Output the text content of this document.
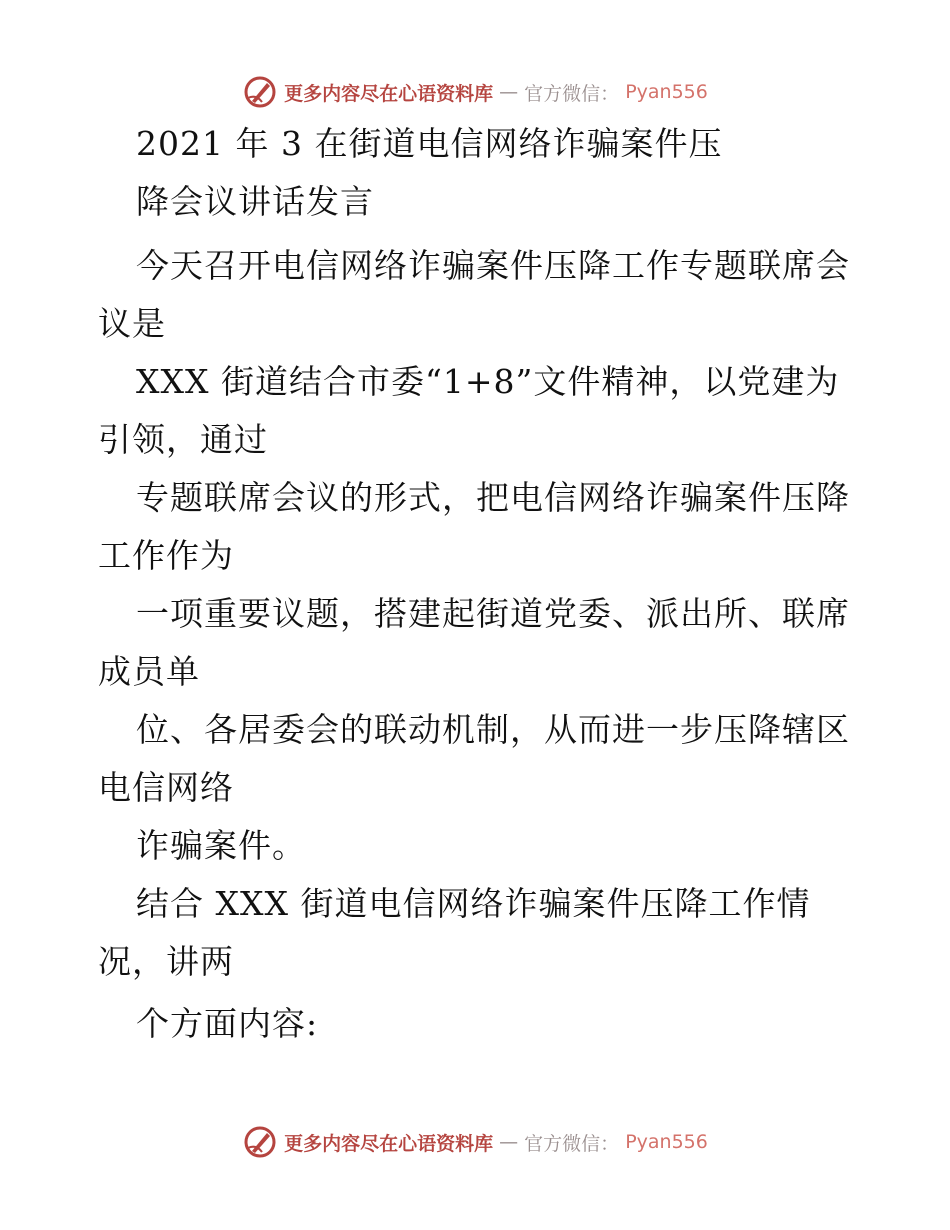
更多内容尽在心语资料库 — 官方微信： Pyan556
2021 年 3 在街道电信网络诈骗案件压
降会议讲话发言
今天召开电信网络诈骗案件压降工作专题联席会
议是
XXX 街道结合市委“1+8”文件精神，以党建为
引领，通过
专题联席会议的形式，把电信网络诈骗案件压降
工作作为
一项重要议题，搭建起街道党委、派出所、联席
成员单
位、各居委会的联动机制，从而进一步压降辖区
电信网络
诈骗案件。
结合 XXX 街道电信网络诈骗案件压降工作情
况，讲两
个方面内容:
更多内容尽在心语资料库 — 官方微信： Pyan556
